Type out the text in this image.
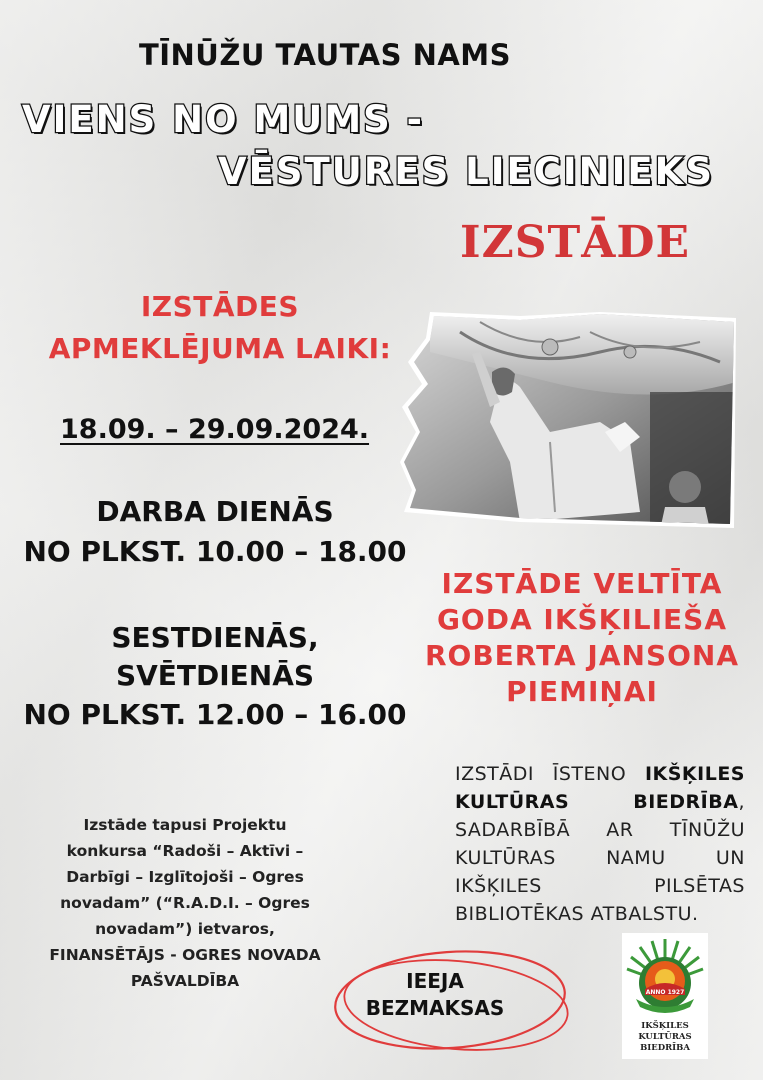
TĪNŪŽU TAUTAS NAMS
VIENS NO MUMS -
VĒSTURES LIECINIEKS
IZSTĀDE
IZSTĀDES
APMEKLĒJUMA LAIKI:
18.09. – 29.09.2024.
DARBA DIENĀS
NO PLKST. 10.00 – 18.00
SESTDIENĀS,
SVĒTDIENĀS
NO PLKST. 12.00 – 16.00
IZSTĀDE VELTĪTA
GODA IKŠĶILIEŠA
ROBERTA JANSONA
PIEMIŅAI
IZSTĀDI ĪSTENO IKŠĶILES KULTŪRAS BIEDRĪBA, SADARBĪBĀ AR TĪNŪŽU KULTŪRAS NAMU UN IKŠĶILES PILSĒTAS BIBLIOTĒKAS ATBALSTU.
Izstāde tapusi Projektu
konkursa “Radoši – Aktīvi –
Darbīgi – Izglītojoši – Ogres
novadam” (“R.A.D.I. – Ogres
novadam”) ietvaros,
FINANSĒTĀJS - OGRES NOVADA
PAŠVALDĪBA	IEEJA
BEZMAKSAS
ANNO 1927
IKŠĶILES
KULTŪRAS
BIEDRĪBA
